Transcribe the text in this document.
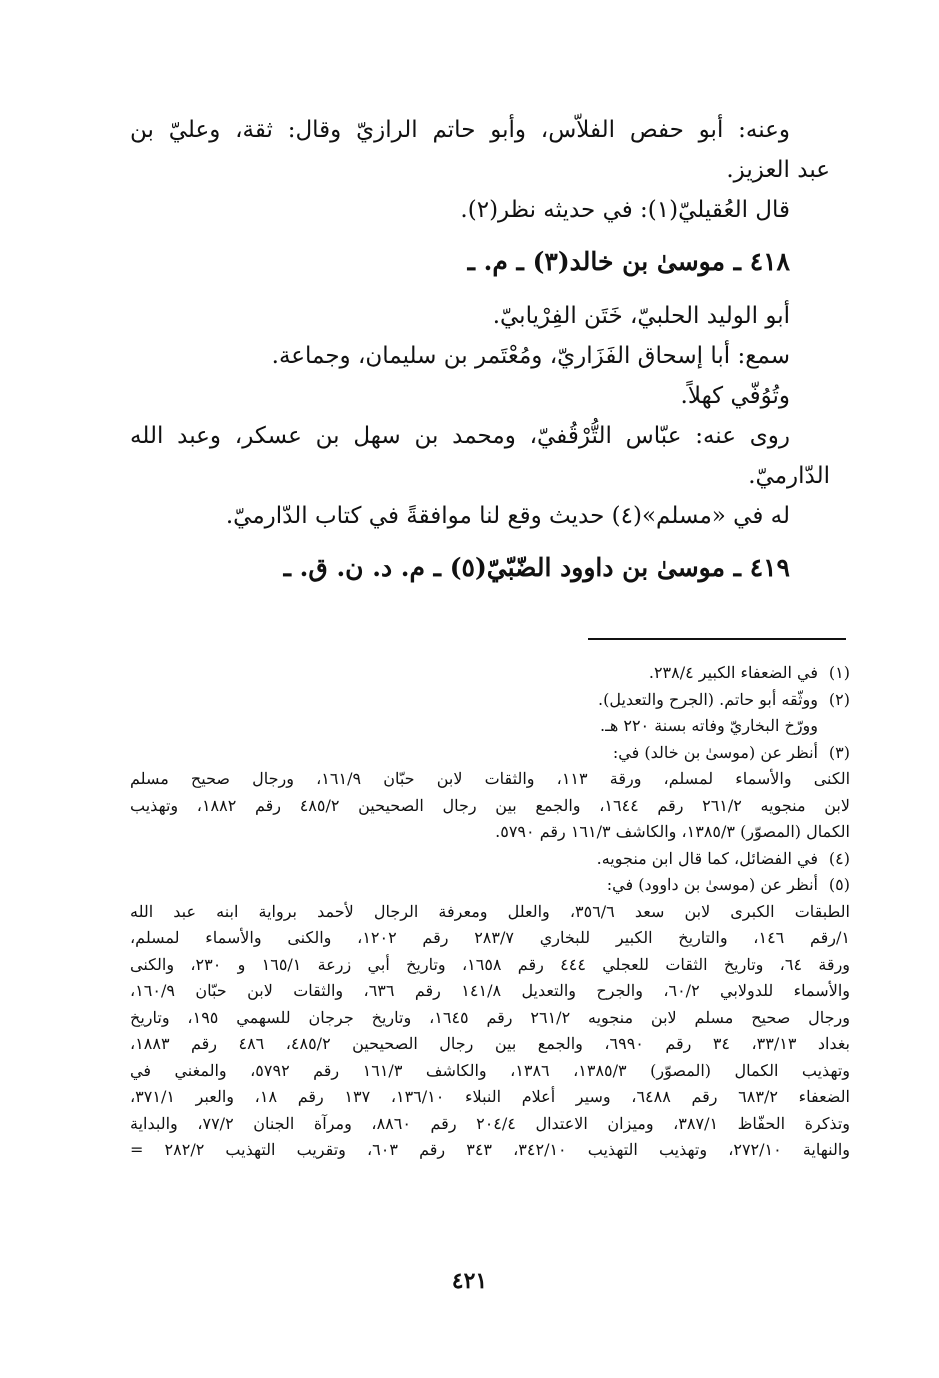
وعنه: أبو حفص الفلاّس، وأبو حاتم الرازيّ وقال: ثقة، وعليّ بن
عبد العزيز.
قال العُقيليّ(١): في حديثه نظر(٢).
٤١٨ ـ موسىٰ بن خالد(٣) ـ م. ـ
أبو الوليد الحلبيّ، خَتَن الفِرْيابيّ.
سمع: أبا إسحاق الفَزَاريّ، ومُعْتَمر بن سليمان، وجماعة.
وتُوُفّي كهلاً.
روى عنه: عبّاس التُّرْقُفيّ، ومحمد بن سهل بن عسكر، وعبد الله
الدّارميّ.
له في «مسلم»(٤) حديث وقع لنا موافقةً في كتاب الدّارميّ.
٤١٩ ـ موسىٰ بن داوود الضّبّيّ(٥) ـ م. د. ن. ق. ـ
(١)في الضعفاء الكبير ٢٣٨/٤.
(٢)ووثّقه أبو حاتم. (الجرح والتعديل).
وورّخ البخاريّ وفاته بسنة ٢٢٠ هـ.
(٣)أنظر عن (موسىٰ بن خالد) في:
الكنى والأسماء لمسلم، ورقة ١١٣، والثقات لابن حبّان ١٦١/٩، ورجال صحيح مسلم
لابن منجويه ٢٦١/٢ رقم ١٦٤٤، والجمع بين رجال الصحيحين ٤٨٥/٢ رقم ١٨٨٢، وتهذيب
الكمال (المصوّر) ١٣٨٥/٣، والكاشف ١٦١/٣ رقم ٥٧٩٠.
(٤)في الفضائل، كما قال ابن منجويه.
(٥)أنظر عن (موسىٰ بن داوود) في:
الطبقات الكبرى لابن سعد ٣٥٦/٦، والعلل ومعرفة الرجال لأحمد برواية ابنه عبد الله
١/رقم ١٤٦، والتاريخ الكبير للبخاري ٢٨٣/٧ رقم ١٢٠٢، والكنى والأسماء لمسلم،
ورقة ٦٤، وتاريخ الثقات للعجلي ٤٤٤ رقم ١٦٥٨، وتاريخ أبي زرعة ١٦٥/١ و ٢٣٠، والكنى
والأسماء للدولابي ٦٠/٢، والجرح والتعديل ١٤١/٨ رقم ٦٣٦، والثقات لابن حبّان ١٦٠/٩،
ورجال صحيح مسلم لابن منجويه ٢٦١/٢ رقم ١٦٤٥، وتاريخ جرجان للسهمي ١٩٥، وتاريخ
بغداد ٣٣/١٣، ٣٤ رقم ٦٩٩٠، والجمع بين رجال الصحيحين ٤٨٥/٢، ٤٨٦ رقم ١٨٨٣،
وتهذيب الكمال (المصوّر) ١٣٨٥/٣، ١٣٨٦، والكاشف ١٦١/٣ رقم ٥٧٩٢، والمغني في
الضعفاء ٦٨٣/٢ رقم ٦٤٨٨، وسير أعلام النبلاء ١٣٦/١٠، ١٣٧ رقم ١٨، والعبر ٣٧١/١،
وتذكرة الحفّاظ ٣٨٧/١، وميزان الاعتدال ٢٠٤/٤ رقم ٨٨٦٠، ومرآة الجنان ٧٧/٢، والبداية
والنهاية ٢٧٢/١٠، وتهذيب التهذيب ٣٤٢/١٠، ٣٤٣ رقم ٦٠٣، وتقريب التهذيب ٢٨٢/٢ =
٤٢١
